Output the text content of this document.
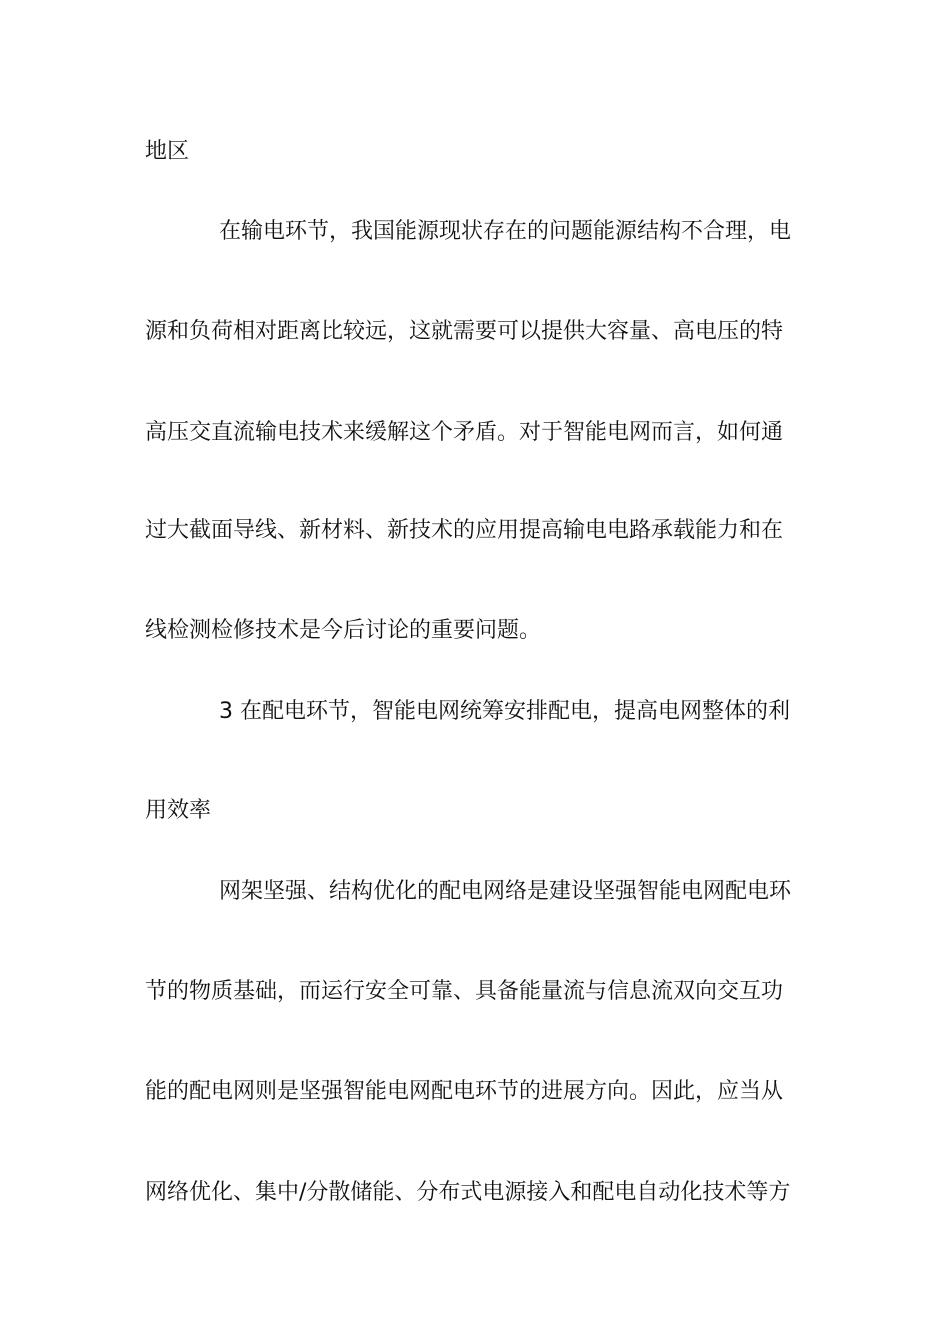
地区
在输电环节，我国能源现状存在的问题能源结构不合理，电
源和负荷相对距离比较远，这就需要可以提供大容量、高电压的特
高压交直流输电技术来缓解这个矛盾。对于智能电网而言，如何通
过大截面导线、新材料、新技术的应用提高输电电路承载能力和在
线检测检修技术是今后讨论的重要问题。
3 在配电环节，智能电网统筹安排配电，提高电网整体的利
用效率
网架坚强、结构优化的配电网络是建设坚强智能电网配电环
节的物质基础，而运行安全可靠、具备能量流与信息流双向交互功
能的配电网则是坚强智能电网配电环节的进展方向。因此，应当从
网络优化、集中/分散储能、分布式电源接入和配电自动化技术等方
